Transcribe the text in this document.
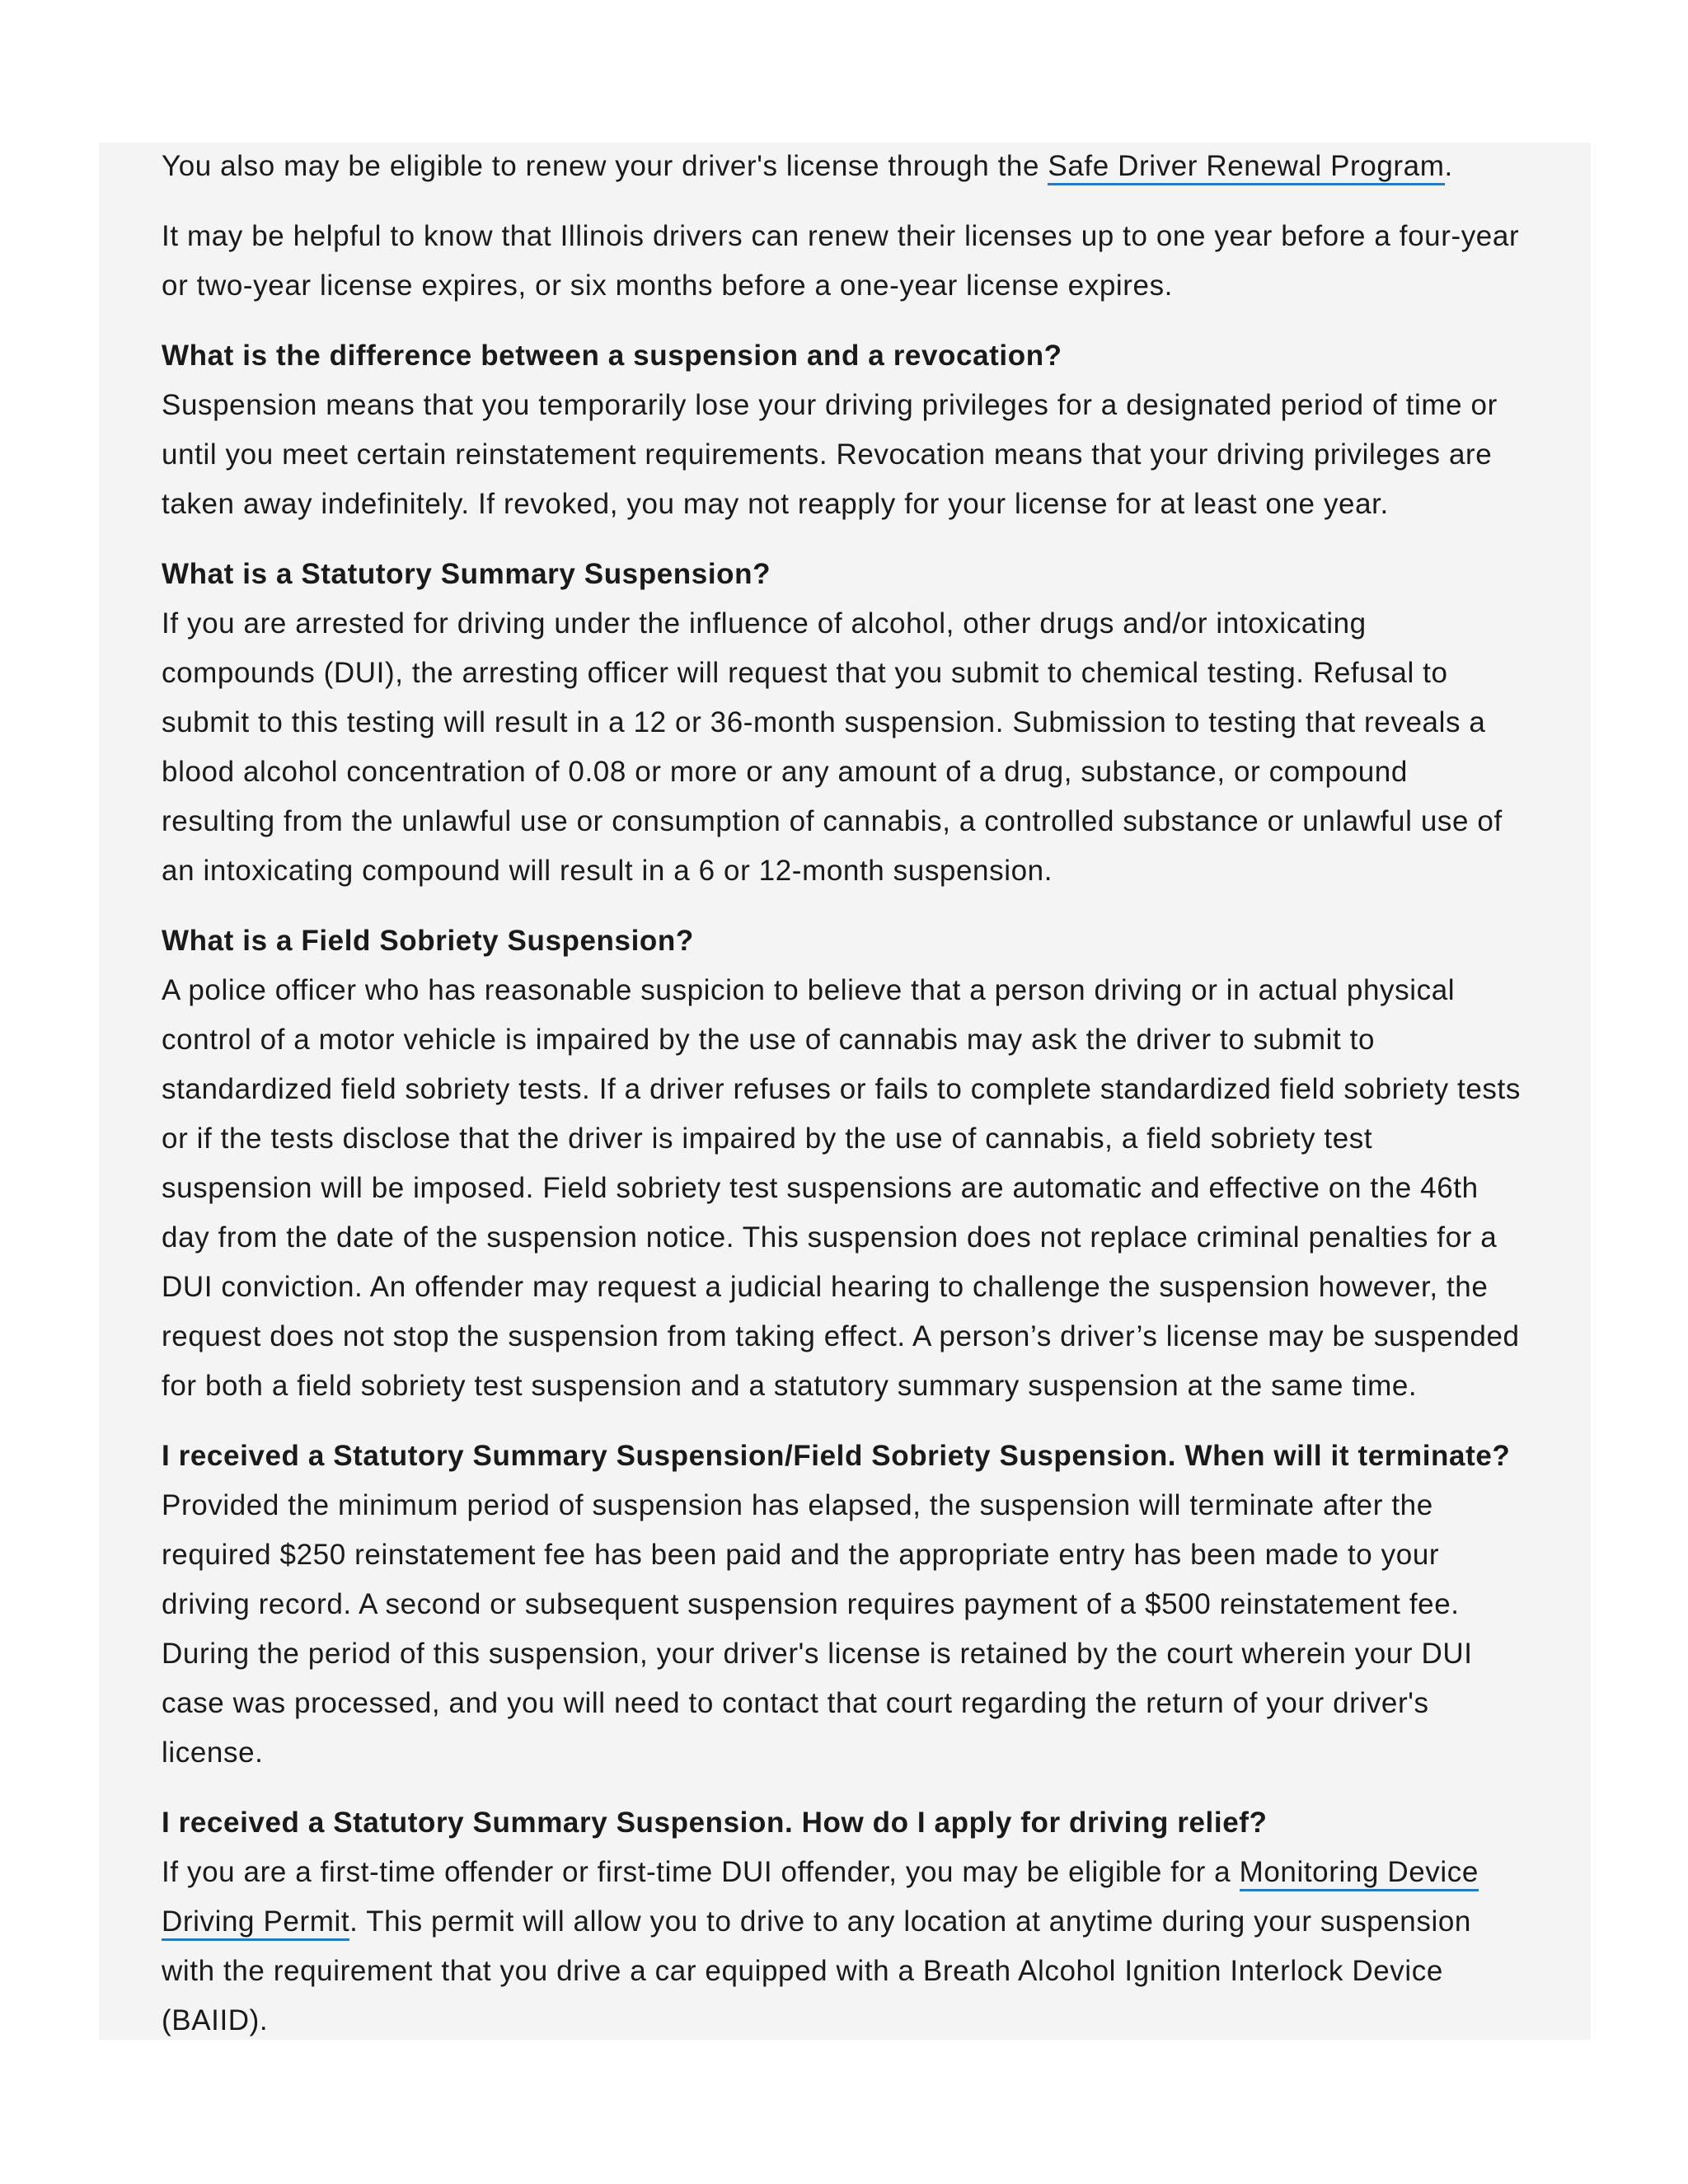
You also may be eligible to renew your driver's license through the Safe Driver Renewal Program.

It may be helpful to know that Illinois drivers can renew their licenses up to one year before a four-year or two-year license expires, or six months before a one-year license expires.

What is the difference between a suspension and a revocation?
Suspension means that you temporarily lose your driving privileges for a designated period of time or until you meet certain reinstatement requirements. Revocation means that your driving privileges are taken away indefinitely. If revoked, you may not reapply for your license for at least one year.

What is a Statutory Summary Suspension?
If you are arrested for driving under the influence of alcohol, other drugs and/or intoxicating compounds (DUI), the arresting officer will request that you submit to chemical testing. Refusal to submit to this testing will result in a 12 or 36-month suspension. Submission to testing that reveals a blood alcohol concentration of 0.08 or more or any amount of a drug, substance, or compound resulting from the unlawful use or consumption of cannabis, a controlled substance or unlawful use of an intoxicating compound will result in a 6 or 12-month suspension.

What is a Field Sobriety Suspension?
A police officer who has reasonable suspicion to believe that a person driving or in actual physical control of a motor vehicle is impaired by the use of cannabis may ask the driver to submit to standardized field sobriety tests. If a driver refuses or fails to complete standardized field sobriety tests or if the tests disclose that the driver is impaired by the use of cannabis, a field sobriety test suspension will be imposed. Field sobriety test suspensions are automatic and effective on the 46th day from the date of the suspension notice. This suspension does not replace criminal penalties for a DUI conviction. An offender may request a judicial hearing to challenge the suspension however, the request does not stop the suspension from taking effect. A person’s driver’s license may be suspended for both a field sobriety test suspension and a statutory summary suspension at the same time.

I received a Statutory Summary Suspension/Field Sobriety Suspension. When will it terminate?
Provided the minimum period of suspension has elapsed, the suspension will terminate after the required $250 reinstatement fee has been paid and the appropriate entry has been made to your driving record. A second or subsequent suspension requires payment of a $500 reinstatement fee. During the period of this suspension, your driver's license is retained by the court wherein your DUI case was processed, and you will need to contact that court regarding the return of your driver's license.

I received a Statutory Summary Suspension. How do I apply for driving relief?
If you are a first-time offender or first-time DUI offender, you may be eligible for a Monitoring Device Driving Permit. This permit will allow you to drive to any location at anytime during your suspension with the requirement that you drive a car equipped with a Breath Alcohol Ignition Interlock Device (BAIID).
